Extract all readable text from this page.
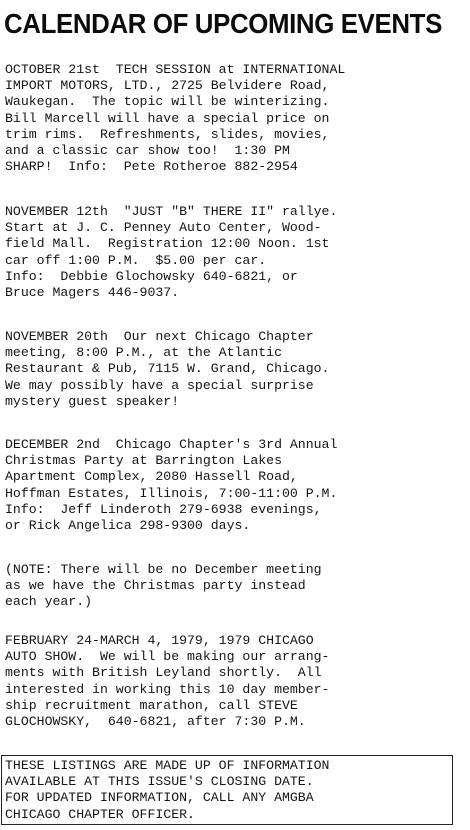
CALENDAR OF UPCOMING EVENTS
OCTOBER 21st  TECH SESSION at INTERNATIONAL
IMPORT MOTORS, LTD., 2725 Belvidere Road,
Waukegan.  The topic will be winterizing.
Bill Marcell will have a special price on
trim rims.  Refreshments, slides, movies,
and a classic car show too!  1:30 PM
SHARP!  Info:  Pete Rotheroe 882-2954
NOVEMBER 12th  "JUST "B" THERE II" rallye.
Start at J. C. Penney Auto Center, Wood-
field Mall.  Registration 12:00 Noon. 1st
car off 1:00 P.M.  $5.00 per car.
Info:  Debbie Glochowsky 640-6821, or
Bruce Magers 446-9037.
NOVEMBER 20th  Our next Chicago Chapter
meeting, 8:00 P.M., at the Atlantic
Restaurant & Pub, 7115 W. Grand, Chicago.
We may possibly have a special surprise
mystery guest speaker!
DECEMBER 2nd  Chicago Chapter's 3rd Annual
Christmas Party at Barrington Lakes
Apartment Complex, 2080 Hassell Road,
Hoffman Estates, Illinois, 7:00-11:00 P.M.
Info:  Jeff Linderoth 279-6938 evenings,
or Rick Angelica 298-9300 days.
(NOTE: There will be no December meeting
as we have the Christmas party instead
each year.)
FEBRUARY 24-MARCH 4, 1979, 1979 CHICAGO
AUTO SHOW.  We will be making our arrang-
ments with British Leyland shortly.  All
interested in working this 10 day member-
ship recruitment marathon, call STEVE
GLOCHOWSKY,  640-6821, after 7:30 P.M.
THESE LISTINGS ARE MADE UP OF INFORMATION
AVAILABLE AT THIS ISSUE'S CLOSING DATE.
FOR UPDATED INFORMATION, CALL ANY AMGBA
CHICAGO CHAPTER OFFICER.
